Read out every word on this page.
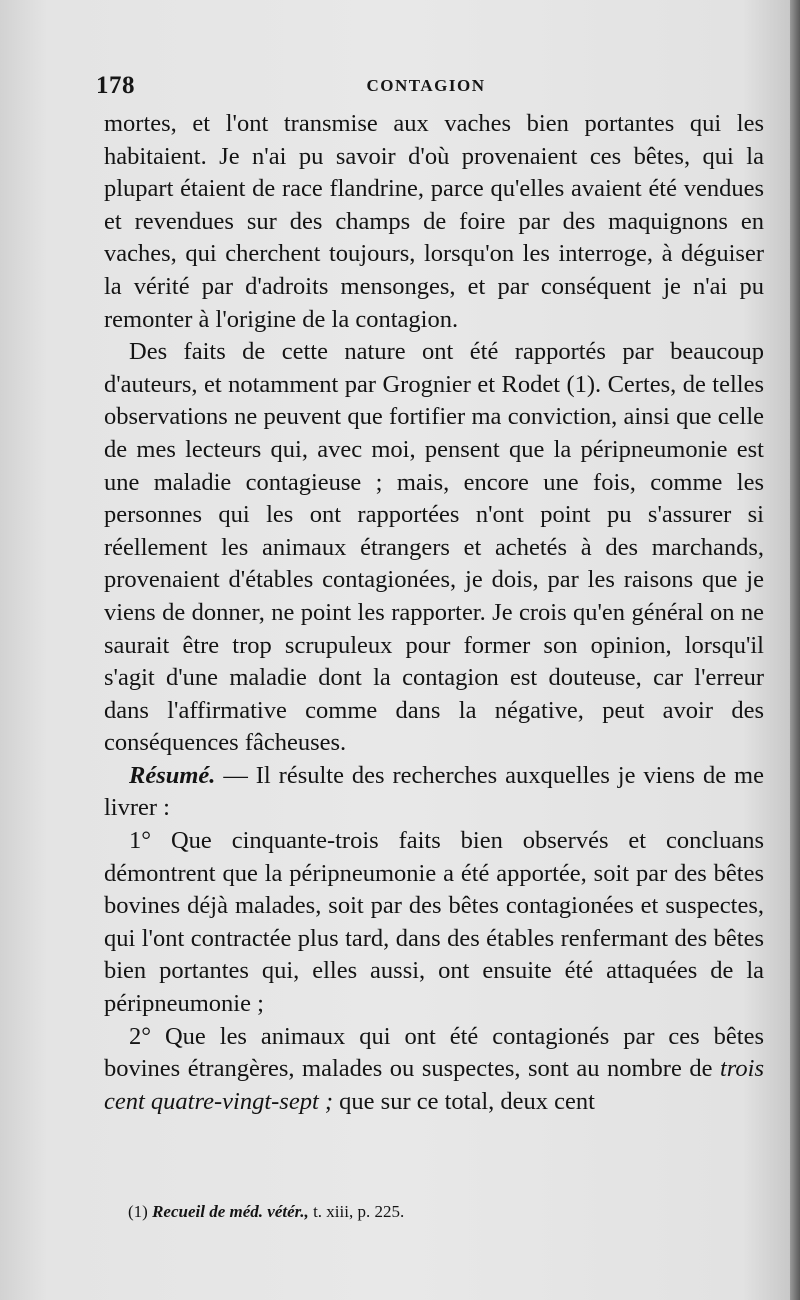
178	CONTAGION

mortes, et l'ont transmise aux vaches bien portantes qui les habitaient. Je n'ai pu savoir d'où provenaient ces bêtes, qui la plupart étaient de race flandrine, parce qu'elles avaient été vendues et revendues sur des champs de foire par des maquignons en vaches, qui cherchent toujours, lorsqu'on les interroge, à déguiser la vérité par d'adroits mensonges, et par conséquent je n'ai pu remonter à l'origine de la contagion.

Des faits de cette nature ont été rapportés par beaucoup d'auteurs, et notamment par Grognier et Rodet (1). Certes, de telles observations ne peuvent que fortifier ma conviction, ainsi que celle de mes lecteurs qui, avec moi, pensent que la péripneumonie est une maladie contagieuse ; mais, encore une fois, comme les personnes qui les ont rapportées n'ont point pu s'assurer si réellement les animaux étrangers et achetés à des marchands, provenaient d'étables contagionées, je dois, par les raisons que je viens de donner, ne point les rapporter. Je crois qu'en général on ne saurait être trop scrupuleux pour former son opinion, lorsqu'il s'agit d'une maladie dont la contagion est douteuse, car l'erreur dans l'affirmative comme dans la négative, peut avoir des conséquences fâcheuses.

Résumé. — Il résulte des recherches auxquelles je viens de me livrer :

1° Que cinquante-trois faits bien observés et concluans démontrent que la péripneumonie a été apportée, soit par des bêtes bovines déjà malades, soit par des bêtes contagionées et suspectes, qui l'ont contractée plus tard, dans des étables renfermant des bêtes bien portantes qui, elles aussi, ont ensuite été attaquées de la péripneumonie ;

2° Que les animaux qui ont été contagionés par ces bêtes bovines étrangères, malades ou suspectes, sont au nombre de trois cent quatre-vingt-sept ; que sur ce total, deux cent

(1) Recueil de méd. vétér., t. xiii, p. 225.
